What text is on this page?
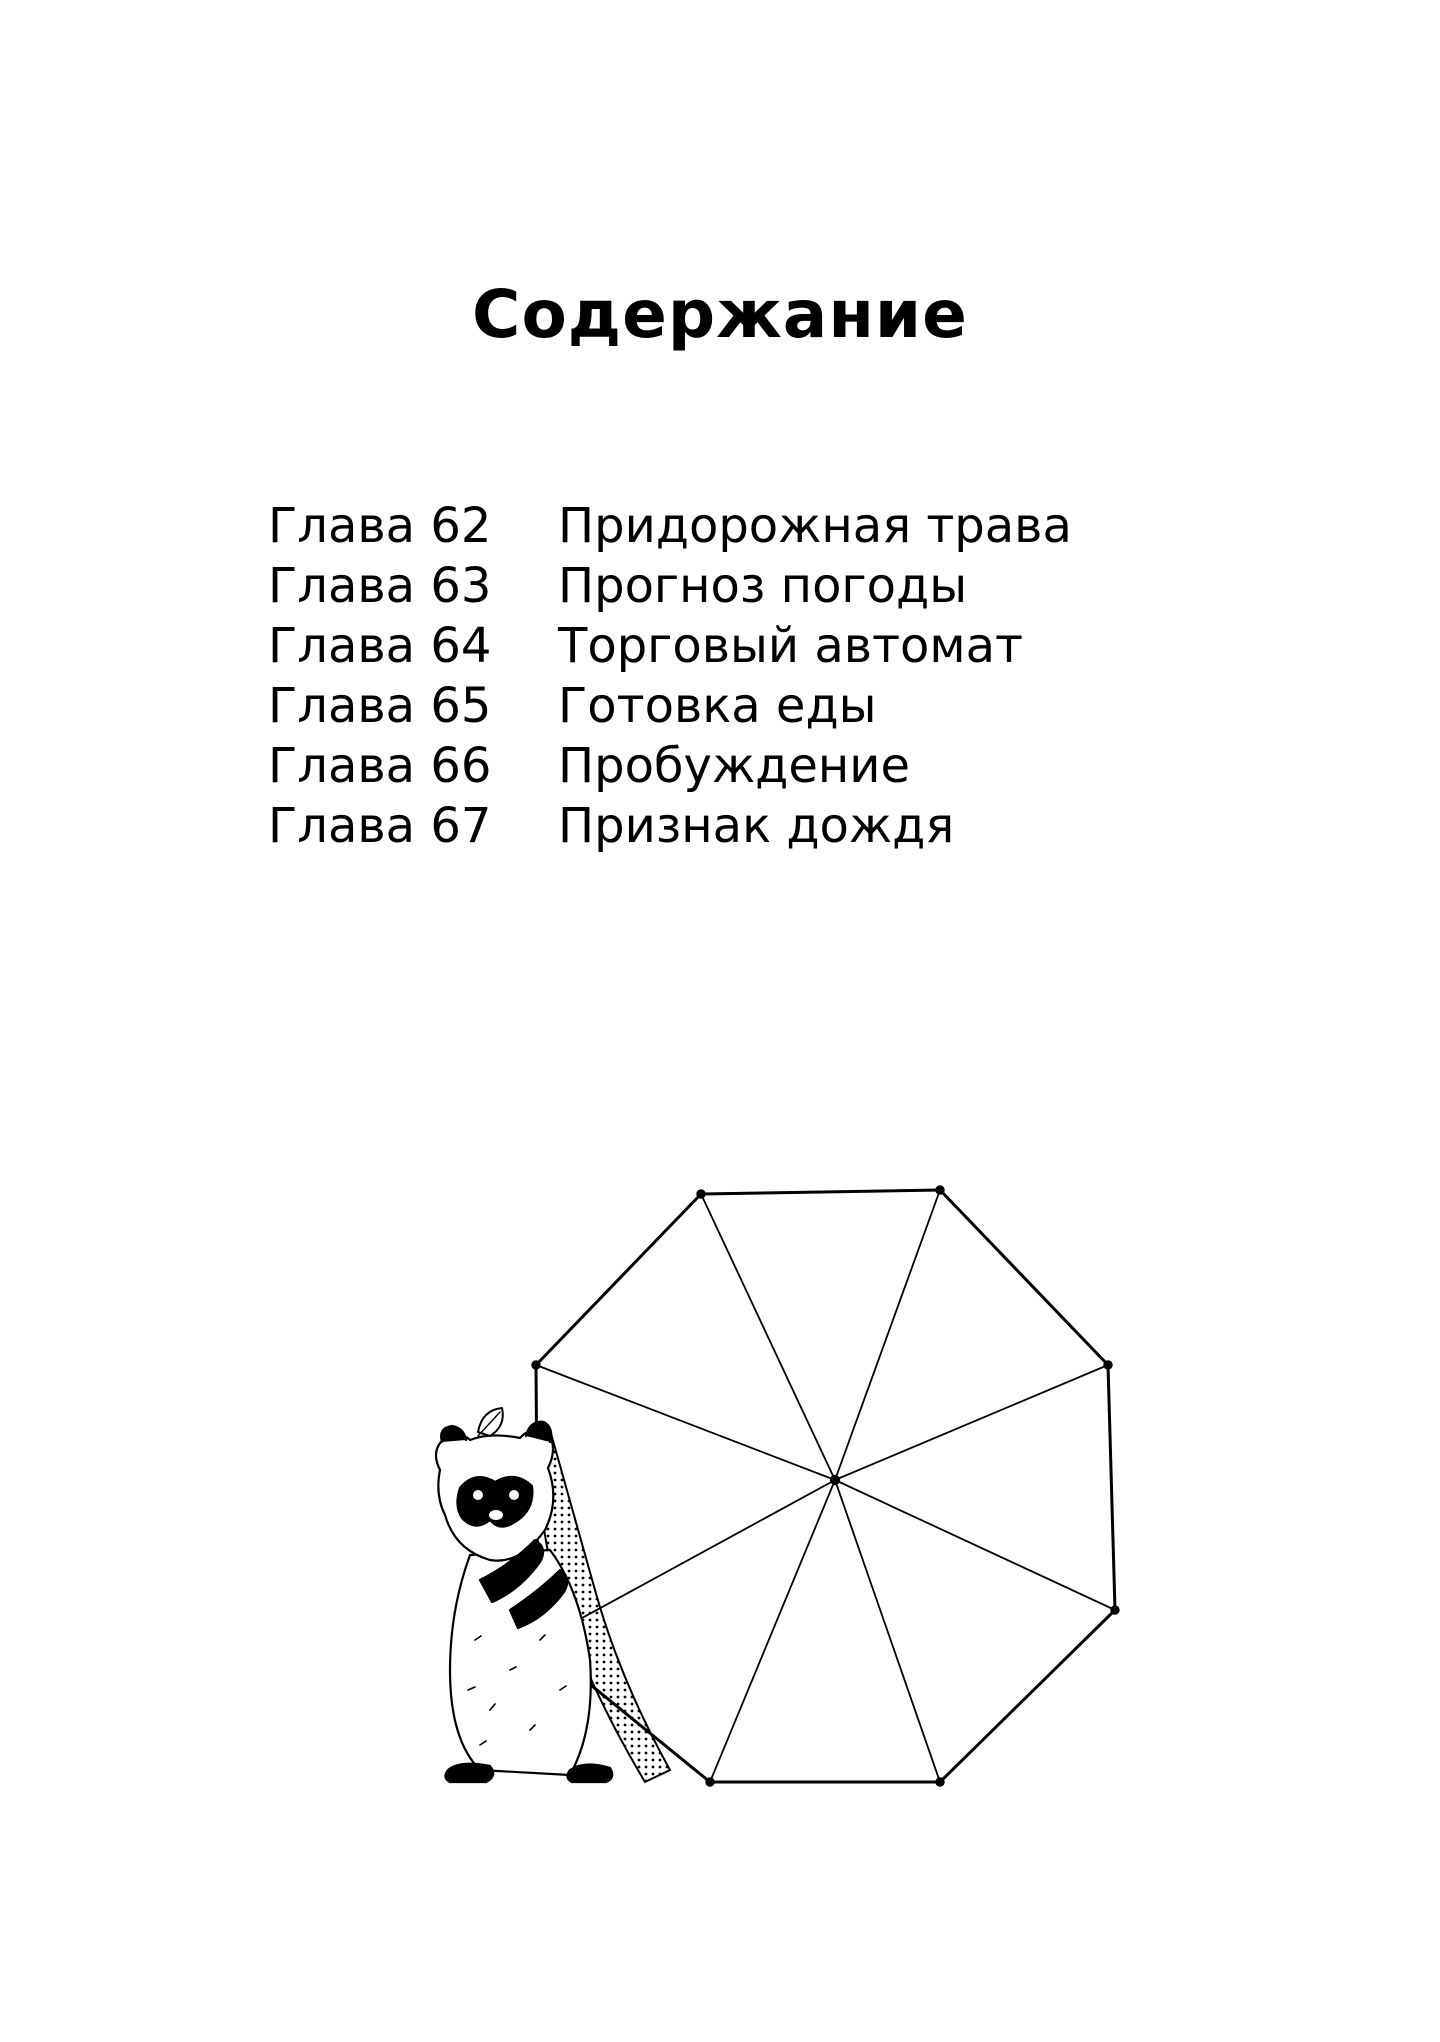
Содержание
Глава 62	Придорожная трава
Глава 63	Прогноз погоды
Глава 64	Торговый автомат
Глава 65	Готовка еды
Глава 66	Пробуждение
Глава 67	Признак дождя
